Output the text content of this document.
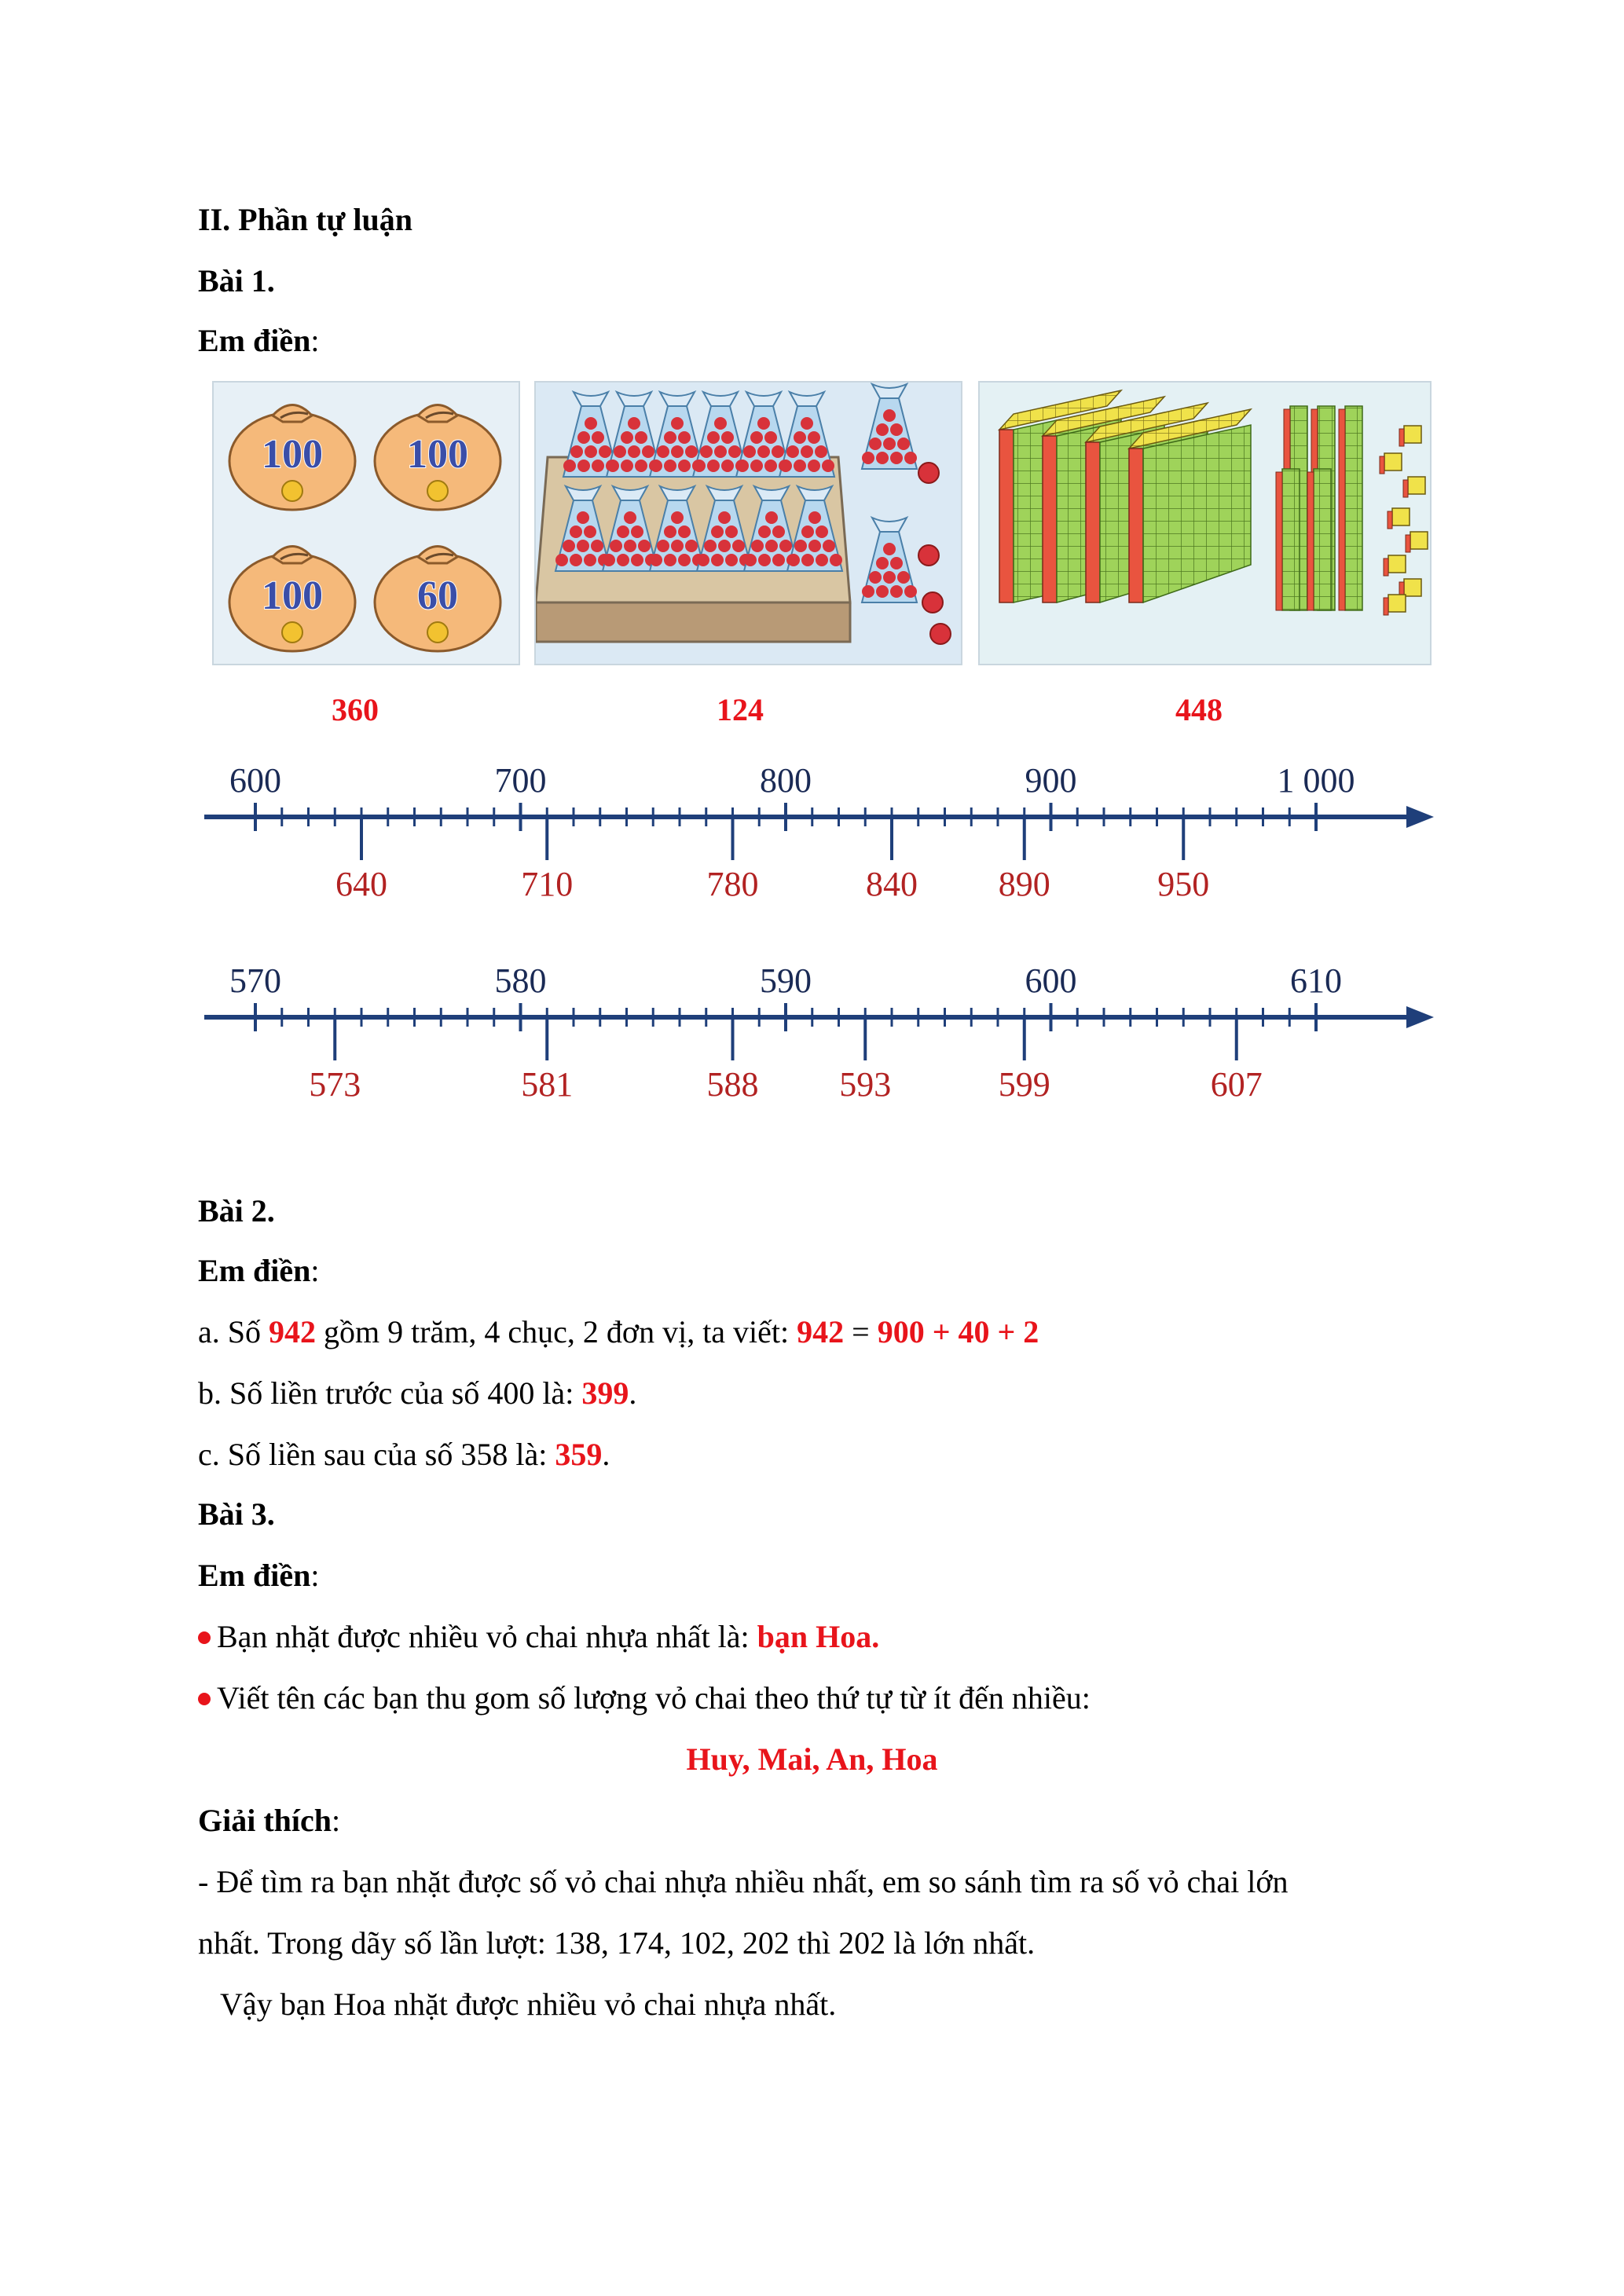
II. Phần tự luận
Bài 1.
Em điền:
100 100
100 60
360	124	448
600	700	800	900	1 000
640	710	780	840 890	950
570	580	590	600	610
573	581	588 593	599	607
Bài 2.
Em điền:
a. Số 942 gồm 9 trăm, 4 chục, 2 đơn vị, ta viết: 942 = 900 + 40 + 2
b. Số liền trước của số 400 là: 399.
c. Số liền sau của số 358 là: 359.
Bài 3.
Em điền:
Bạn nhặt được nhiều vỏ chai nhựa nhất là: bạn Hoa.
Viết tên các bạn thu gom số lượng vỏ chai theo thứ tự từ ít đến nhiều:
Huy, Mai, An, Hoa
Giải thích:
- Để tìm ra bạn nhặt được số vỏ chai nhựa nhiều nhất, em so sánh tìm ra số vỏ chai lớn
nhất. Trong dãy số lần lượt: 138, 174, 102, 202 thì 202 là lớn nhất.
Vậy bạn Hoa nhặt được nhiều vỏ chai nhựa nhất.
